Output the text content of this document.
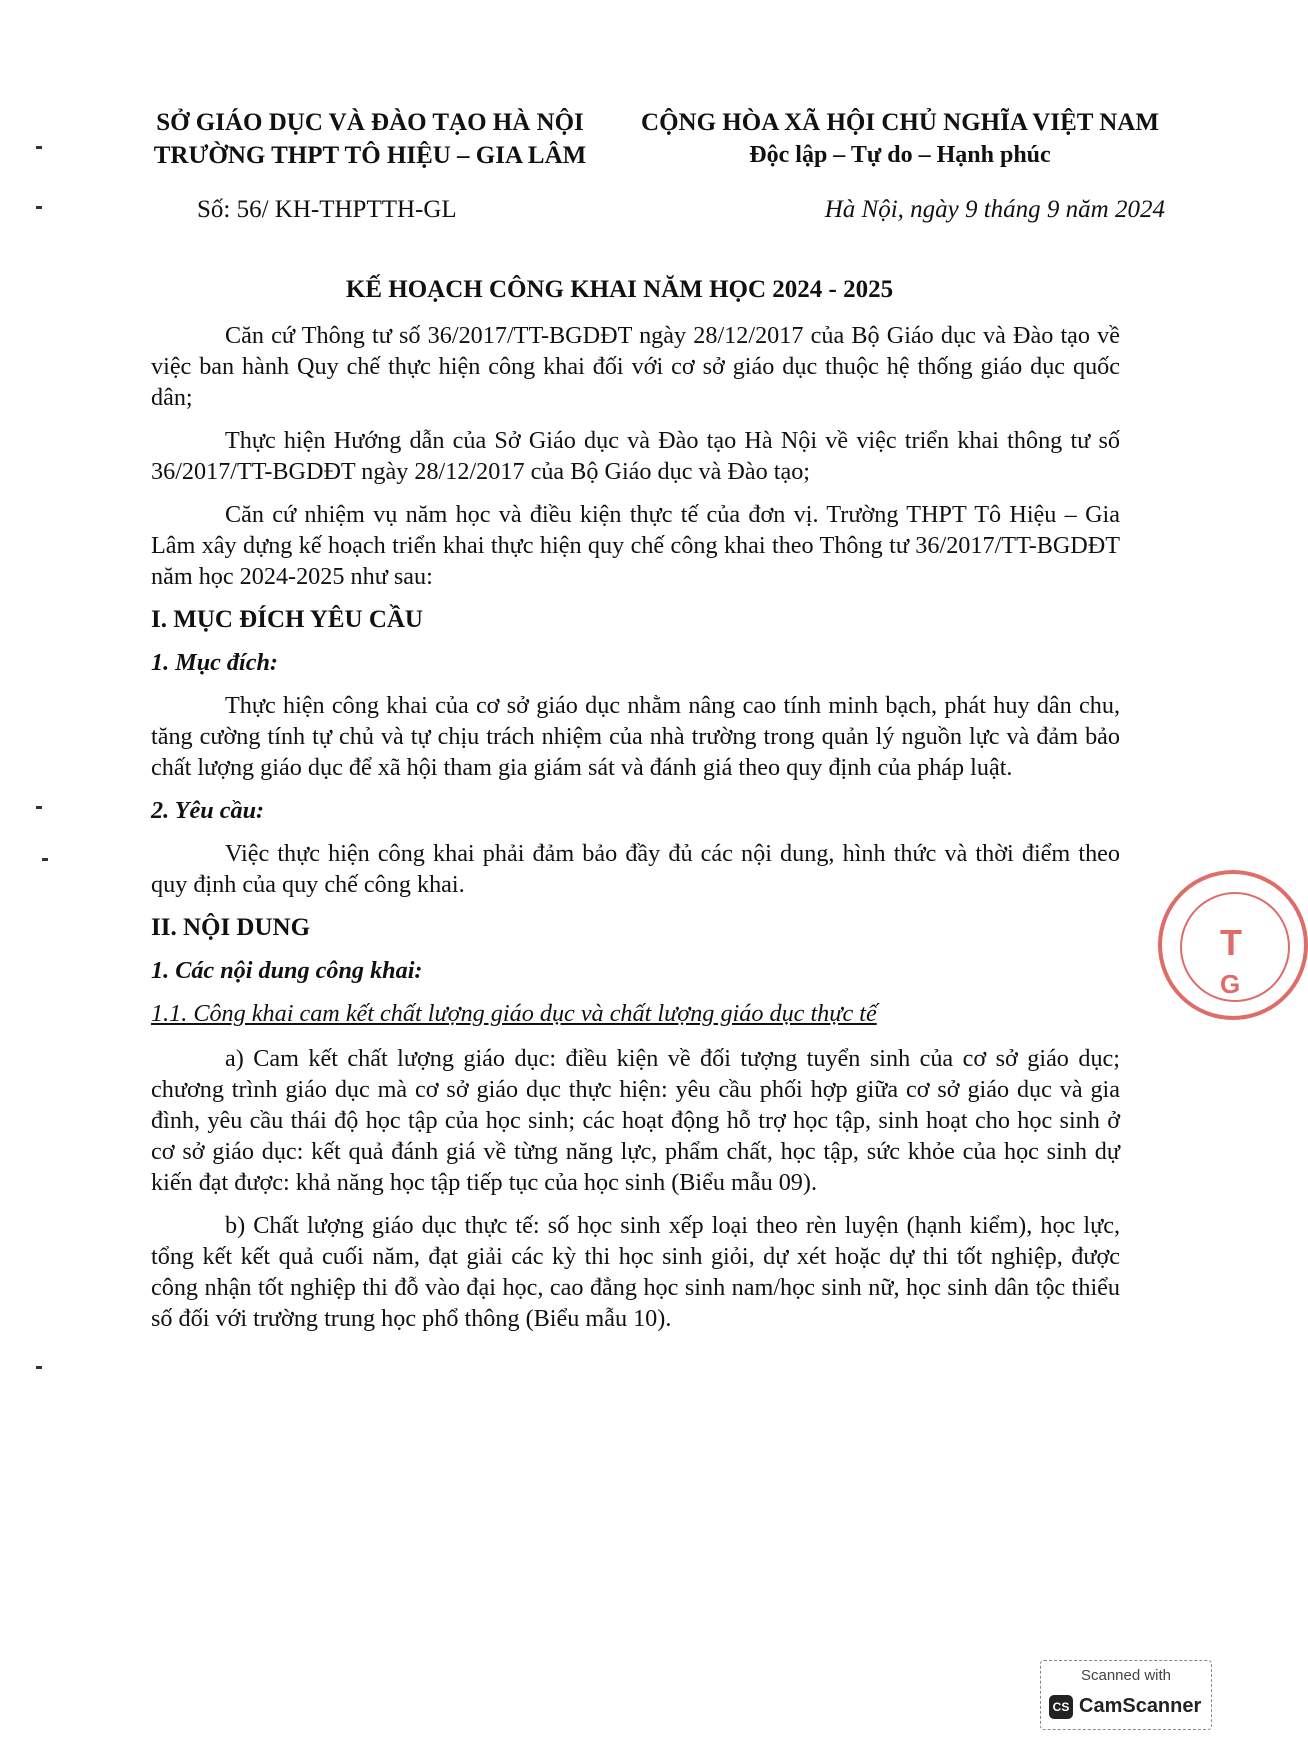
SỞ GIÁO DỤC VÀ ĐÀO TẠO HÀ NỘI
TRƯỜNG THPT TÔ HIỆU – GIA LÂM
CỘNG HÒA XÃ HỘI CHỦ NGHĨA VIỆT NAM
Độc lập – Tự do – Hạnh phúc
Số: 56/ KH-THPTTH-GL	Hà Nội, ngày 9 tháng 9 năm 2024
KẾ HOẠCH CÔNG KHAI NĂM HỌC 2024 - 2025

Căn cứ Thông tư số 36/2017/TT-BGDĐT ngày 28/12/2017 của Bộ Giáo dục và Đào tạo về việc ban hành Quy chế thực hiện công khai đối với cơ sở giáo dục thuộc hệ thống giáo dục quốc dân;

Thực hiện Hướng dẫn của Sở Giáo dục và Đào tạo Hà Nội về việc triển khai thông tư số 36/2017/TT-BGDĐT ngày 28/12/2017 của Bộ Giáo dục và Đào tạo;

Căn cứ nhiệm vụ năm học và điều kiện thực tế của đơn vị. Trường THPT Tô Hiệu – Gia Lâm xây dựng kế hoạch triển khai thực hiện quy chế công khai theo Thông tư 36/2017/TT-BGDĐT năm học 2024-2025 như sau:

I. MỤC ĐÍCH YÊU CẦU

1. Mục đích:

Thực hiện công khai của cơ sở giáo dục nhằm nâng cao tính minh bạch, phát huy dân chu, tăng cường tính tự chủ và tự chịu trách nhiệm của nhà trường trong quản lý nguồn lực và đảm bảo chất lượng giáo dục để xã hội tham gia giám sát và đánh giá theo quy định của pháp luật.

2. Yêu cầu:

Việc thực hiện công khai phải đảm bảo đầy đủ các nội dung, hình thức và thời điểm theo quy định của quy chế công khai.

II. NỘI DUNG

1. Các nội dung công khai:

1.1. Công khai cam kết chất lượng giáo dục và chất lượng giáo dục thực tế

a) Cam kết chất lượng giáo dục: điều kiện về đối tượng tuyển sinh của cơ sở giáo dục; chương trình giáo dục mà cơ sở giáo dục thực hiện: yêu cầu phối hợp giữa cơ sở giáo dục và gia đình, yêu cầu thái độ học tập của học sinh; các hoạt động hỗ trợ học tập, sinh hoạt cho học sinh ở cơ sở giáo dục: kết quả đánh giá về từng năng lực, phẩm chất, học tập, sức khỏe của học sinh dự kiến đạt được: khả năng học tập tiếp tục của học sinh (Biểu mẫu 09).

b) Chất lượng giáo dục thực tế: số học sinh xếp loại theo rèn luyện (hạnh kiểm), học lực, tổng kết kết quả cuối năm, đạt giải các kỳ thi học sinh giỏi, dự xét hoặc dự thi tốt nghiệp, được công nhận tốt nghiệp thi đỗ vào đại học, cao đẳng học sinh nam/học sinh nữ, học sinh dân tộc thiểu số đối với trường trung học phổ thông (Biểu mẫu 10).

T
G
Scanned with
CS CamScanner
